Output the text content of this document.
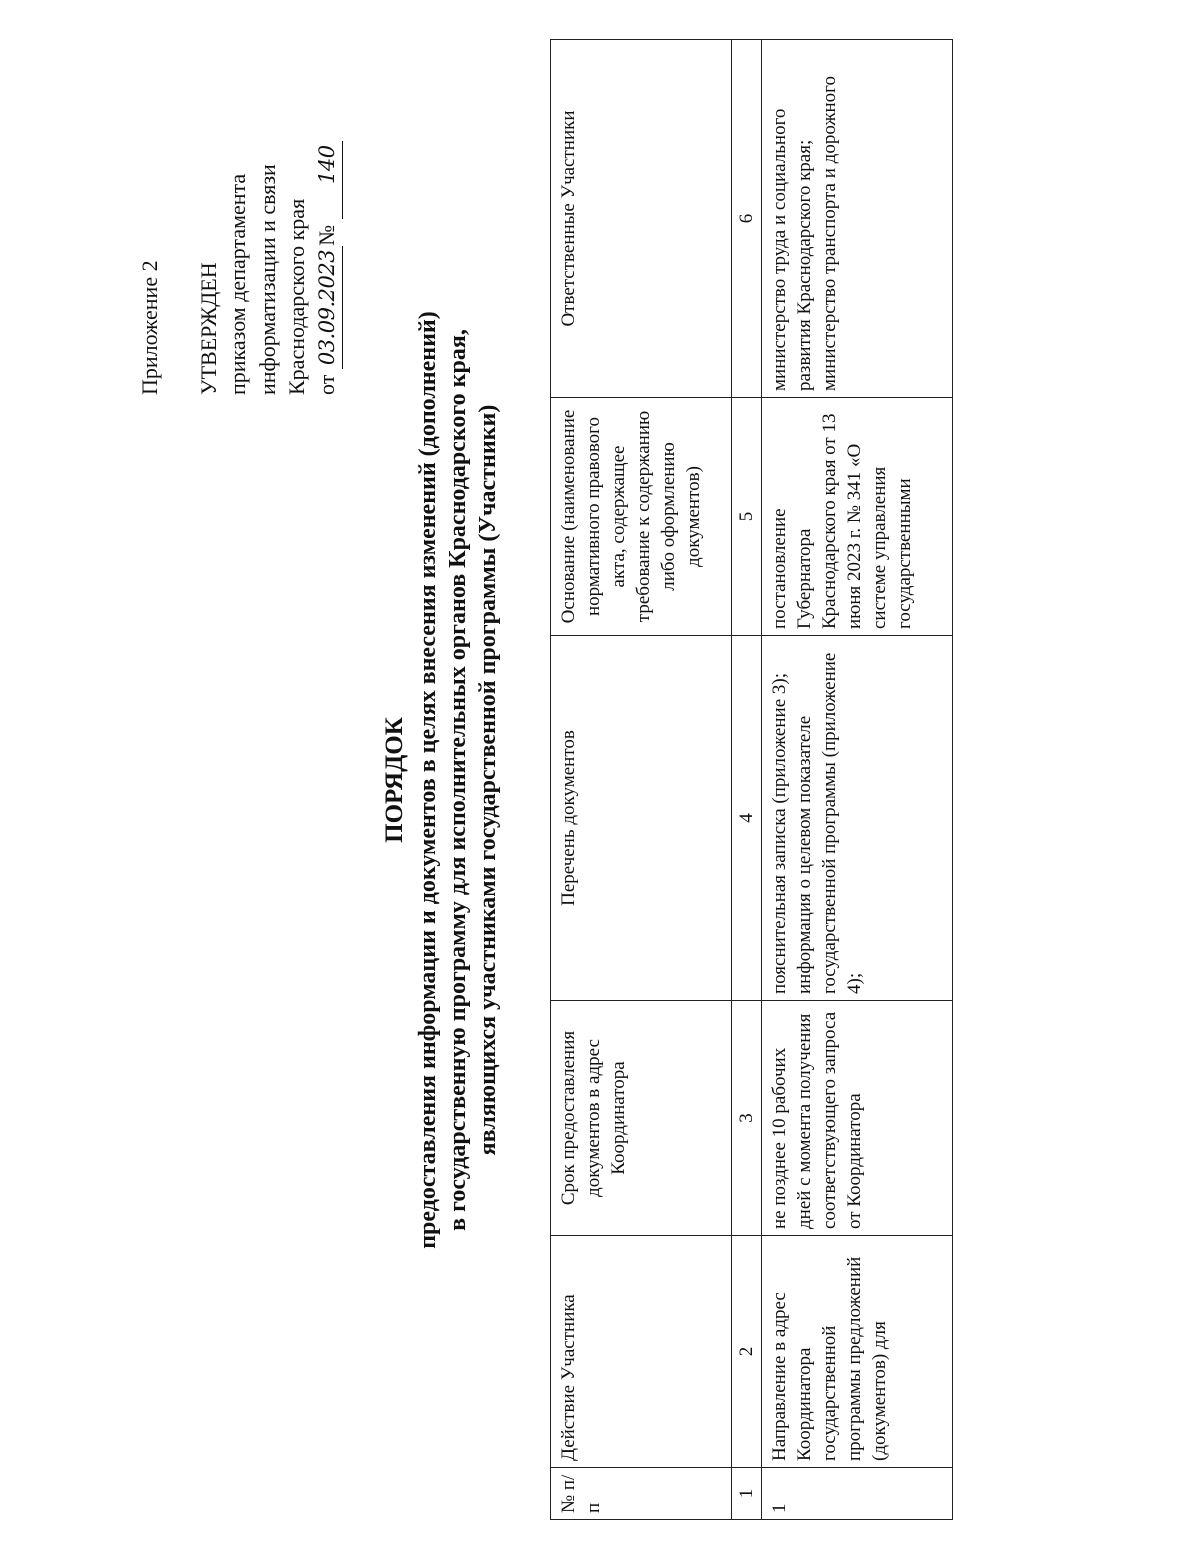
Приложение 2 УТВЕРЖДЕН приказом департамента информатизации и связи Краснодарского края от 03.09.2023№ 140
ПОРЯДОК предоставления информации и документов в целях внесения изменений (дополнений) в государственную программу для исполнительных органов Краснодарского края, являющихся участниками государственной программы (Участники)
№ п/п	Действие Участника	Срок предоставления документов в адрес Координатора	Перечень документов	Основание (наименование нормативного правового акта, содержащее требование к содержанию либо оформлению документов)	Ответственные Участники
1	2	3	4	5	6
1	Направление в адрес Координатора государственной программы предложений (документов) для	не позднее 10 рабочих дней с момента получения соответствующего запроса от Координатора	пояснительная записка (приложение 3); информация о целевом показателе государственной программы (приложение 4);	постановление Губернатора Краснодарского края от 13 июня 2023 г. № 341 «О системе управления государственными	министерство труда и социального развития Краснодарского края; министерство транспорта и дорожного
